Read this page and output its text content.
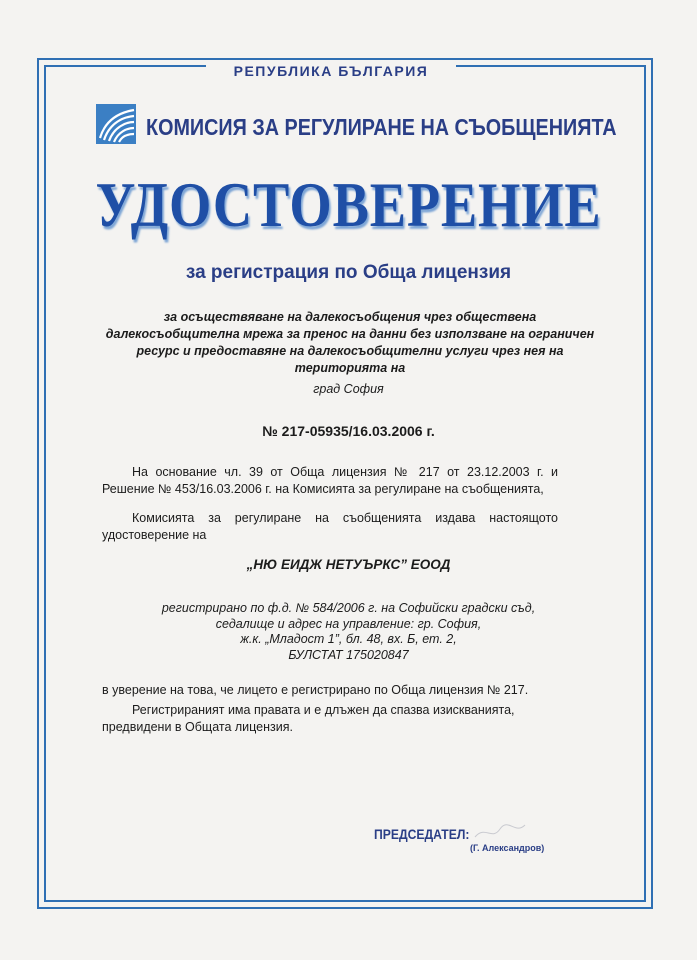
РЕПУБЛИКА БЪЛГАРИЯ
КОМИСИЯ ЗА РЕГУЛИРАНЕ НА СЪОБЩЕНИЯТА
УДОСТОВЕРЕНИЕ
за регистрация по Обща лицензия
за осъществяване на далекосъобщения чрез обществена далекосъобщителна мрежа за пренос на данни без използване на ограничен ресурс и предоставяне на далекосъобщителни услуги чрез нея на територията на
град София
№ 217-05935/16.03.2006 г.
На основание чл. 39 от Обща лицензия № 217 от 23.12.2003 г. и Решение № 453/16.03.2006 г. на Комисията за регулиране на съобщенията,
Комисията за регулиране на съобщенията издава настоящото удостоверение на
„НЮ ЕИДЖ НЕТУЪРКС” ЕООД
регистрирано по ф.д. № 584/2006 г. на Софийски градски съд,
седалище и адрес на управление: гр. София,
ж.к. „Младост 1”, бл. 48, вх. Б, ет. 2,
БУЛСТАТ 175020847
в уверение на това, че лицето е регистрирано по Обща лицензия № 217.
Регистрираният има правата и е длъжен да спазва изискванията, предвидени в Общата лицензия.
ПРЕДСЕДАТЕЛ:
(Г. Александров)
